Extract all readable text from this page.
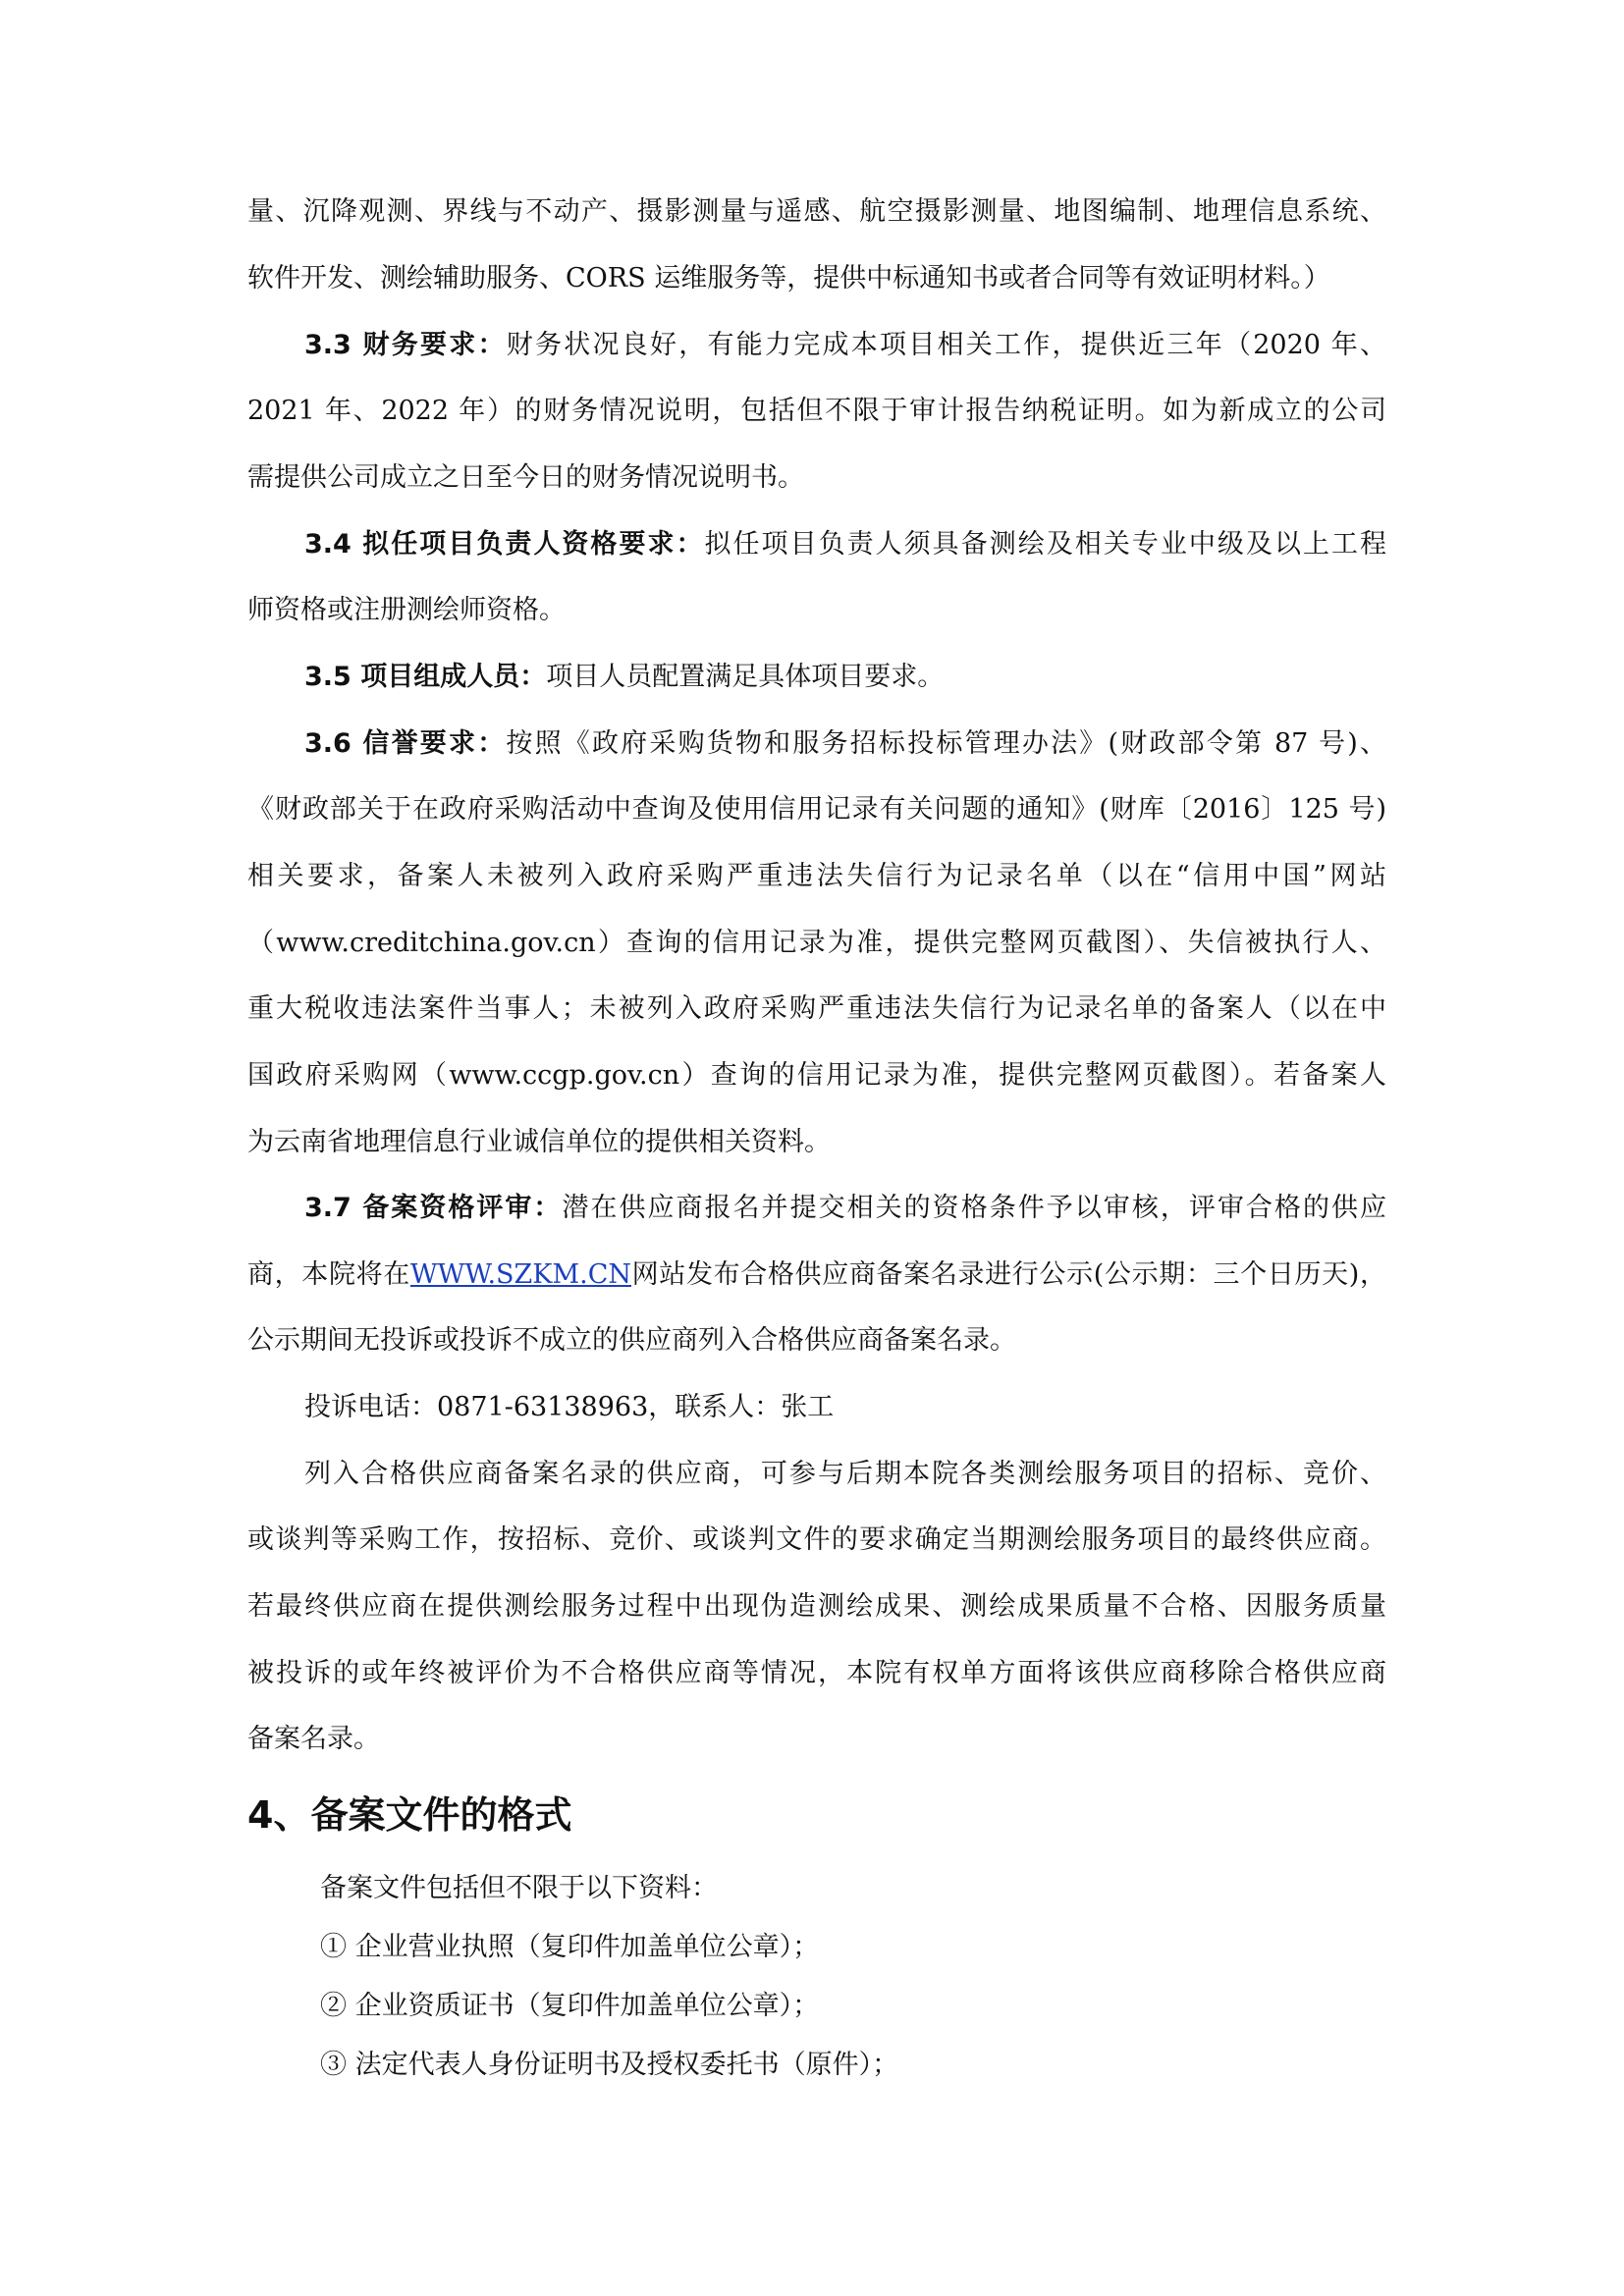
量、沉降观测、界线与不动产、摄影测量与遥感、航空摄影测量、地图编制、地理信息系统、
软件开发、测绘辅助服务、CORS 运维服务等，提供中标通知书或者合同等有效证明材料。）
3.3 财务要求：财务状况良好，有能力完成本项目相关工作，提供近三年（2020 年、
2021 年、2022 年）的财务情况说明，包括但不限于审计报告纳税证明。如为新成立的公司
需提供公司成立之日至今日的财务情况说明书。
3.4 拟任项目负责人资格要求：拟任项目负责人须具备测绘及相关专业中级及以上工程
师资格或注册测绘师资格。
3.5 项目组成人员：项目人员配置满足具体项目要求。
3.6 信誉要求：按照《政府采购货物和服务招标投标管理办法》(财政部令第 87 号)、
《财政部关于在政府采购活动中查询及使用信用记录有关问题的通知》(财库〔2016〕125 号)
相关要求，备案人未被列入政府采购严重违法失信行为记录名单（以在“信用中国”网站
（www.creditchina.gov.cn）查询的信用记录为准，提供完整网页截图）、失信被执行人、
重大税收违法案件当事人；未被列入政府采购严重违法失信行为记录名单的备案人（以在中
国政府采购网（www.ccgp.gov.cn）查询的信用记录为准，提供完整网页截图）。若备案人
为云南省地理信息行业诚信单位的提供相关资料。
3.7 备案资格评审：潜在供应商报名并提交相关的资格条件予以审核，评审合格的供应
商，本院将在WWW.SZKM.CN网站发布合格供应商备案名录进行公示(公示期：三个日历天)，
公示期间无投诉或投诉不成立的供应商列入合格供应商备案名录。
投诉电话：0871-63138963，联系人：张工
列入合格供应商备案名录的供应商，可参与后期本院各类测绘服务项目的招标、竞价、
或谈判等采购工作，按招标、竞价、或谈判文件的要求确定当期测绘服务项目的最终供应商。
若最终供应商在提供测绘服务过程中出现伪造测绘成果、测绘成果质量不合格、因服务质量
被投诉的或年终被评价为不合格供应商等情况，本院有权单方面将该供应商移除合格供应商
备案名录。
4、备案文件的格式
备案文件包括但不限于以下资料：
① 企业营业执照（复印件加盖单位公章）；
② 企业资质证书（复印件加盖单位公章）；
③ 法定代表人身份证明书及授权委托书（原件）；
